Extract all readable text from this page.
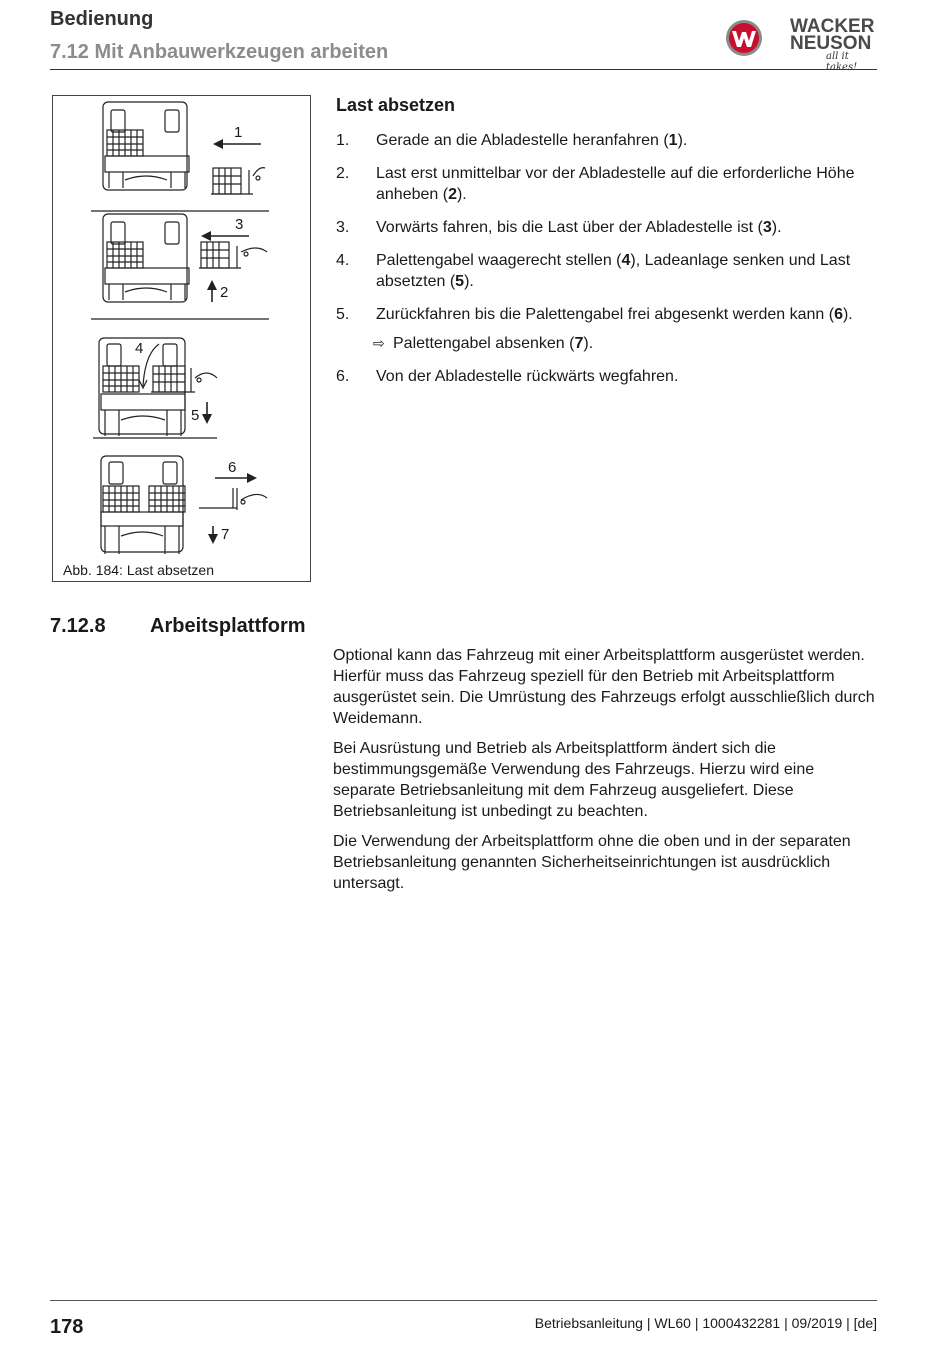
Bedienung
7.12 Mit Anbauwerkzeugen arbeiten
WACKER
NEUSON
all it takes!
1
3
2
4
5
6
7
Abb. 184: Last absetzen
Last absetzen
1. Gerade an die Abladestelle heranfahren (1).
2. Last erst unmittelbar vor der Abladestelle auf die erforderliche Höhe anheben (2).
3. Vorwärts fahren, bis die Last über der Abladestelle ist (3).
4. Palettengabel waagerecht stellen (4), Ladeanlage senken und Last absetzten (5).
5. Zurückfahren bis die Palettengabel frei abgesenkt werden kann (6).
⇨ Palettengabel absenken (7).
6. Von der Abladestelle rückwärts wegfahren.
7.12.8 Arbeitsplattform

Optional kann das Fahrzeug mit einer Arbeitsplattform ausgerüstet werden. Hierfür muss das Fahrzeug speziell für den Betrieb mit Arbeitsplattform ausgerüstet sein. Die Umrüstung des Fahrzeugs erfolgt ausschließlich durch Weidemann.

Bei Ausrüstung und Betrieb als Arbeitsplattform ändert sich die bestimmungsgemäße Verwendung des Fahrzeugs. Hierzu wird eine separate Betriebsanleitung mit dem Fahrzeug ausgeliefert. Diese Betriebsanleitung ist unbedingt zu beachten.

Die Verwendung der Arbeitsplattform ohne die oben und in der separaten Betriebsanleitung genannten Sicherheitseinrichtungen ist ausdrücklich untersagt.

178	Betriebsanleitung | WL60 | 1000432281 | 09/2019 | [de]
